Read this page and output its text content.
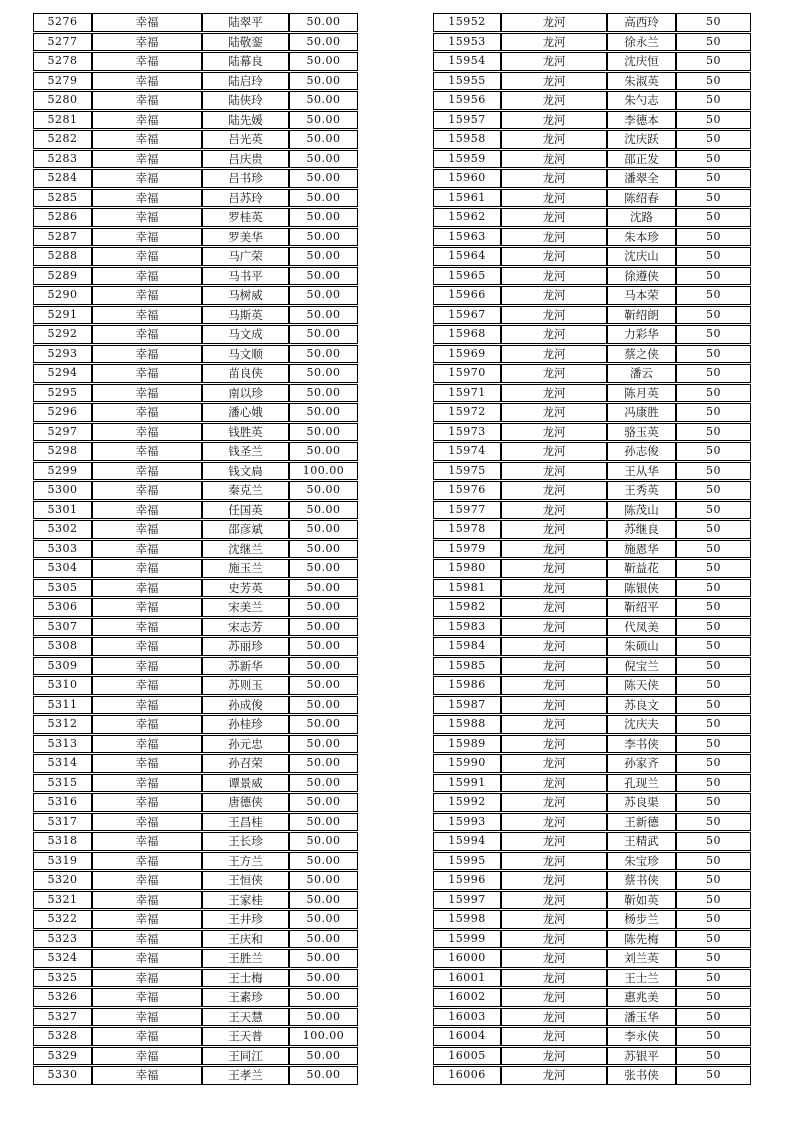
5276	幸福	陆翠平	50.00
5277	幸福	陆敬銮	50.00
5278	幸福	陆幕良	50.00
5279	幸福	陆启玲	50.00
5280	幸福	陆侠玲	50.00
5281	幸福	陆先媛	50.00
5282	幸福	吕光英	50.00
5283	幸福	吕庆贵	50.00
5284	幸福	吕书珍	50.00
5285	幸福	吕苏玲	50.00
5286	幸福	罗桂英	50.00
5287	幸福	罗美华	50.00
5288	幸福	马广荣	50.00
5289	幸福	马书平	50.00
5290	幸福	马树威	50.00
5291	幸福	马斯英	50.00
5292	幸福	马文成	50.00
5293	幸福	马文顺	50.00
5294	幸福	苗良侠	50.00
5295	幸福	南以珍	50.00
5296	幸福	潘心娥	50.00
5297	幸福	钱胜英	50.00
5298	幸福	钱圣兰	50.00
5299	幸福	钱文扃	100.00
5300	幸福	秦克兰	50.00
5301	幸福	任国英	50.00
5302	幸福	邵彦斌	50.00
5303	幸福	沈继兰	50.00
5304	幸福	施玉兰	50.00
5305	幸福	史芳英	50.00
5306	幸福	宋美兰	50.00
5307	幸福	宋志芳	50.00
5308	幸福	苏丽珍	50.00
5309	幸福	苏新华	50.00
5310	幸福	苏则玉	50.00
5311	幸福	孙成俊	50.00
5312	幸福	孙桂珍	50.00
5313	幸福	孙元忠	50.00
5314	幸福	孙召荣	50.00
5315	幸福	谭景威	50.00
5316	幸福	唐德侠	50.00
5317	幸福	王昌桂	50.00
5318	幸福	王长珍	50.00
5319	幸福	王方兰	50.00
5320	幸福	王恒侠	50.00
5321	幸福	王家桂	50.00
5322	幸福	王井珍	50.00
5323	幸福	王庆和	50.00
5324	幸福	王胜兰	50.00
5325	幸福	王士梅	50.00
5326	幸福	王素珍	50.00
5327	幸福	王天慧	50.00
5328	幸福	王天普	100.00
5329	幸福	王同江	50.00
5330	幸福	王孝兰	50.00
15952	龙河	高西玲	50
15953	龙河	徐永兰	50
15954	龙河	沈庆恒	50
15955	龙河	朱淑英	50
15956	龙河	朱勺志	50
15957	龙河	李德本	50
15958	龙河	沈庆跃	50
15959	龙河	邵正发	50
15960	龙河	潘翠全	50
15961	龙河	陈绍春	50
15962	龙河	沈路	50
15963	龙河	朱本珍	50
15964	龙河	沈庆山	50
15965	龙河	徐遵侠	50
15966	龙河	马本荣	50
15967	龙河	靳绍朗	50
15968	龙河	力彩华	50
15969	龙河	蔡之侠	50
15970	龙河	潘云	50
15971	龙河	陈月英	50
15972	龙河	冯康胜	50
15973	龙河	骆玉英	50
15974	龙河	孙志俊	50
15975	龙河	王从华	50
15976	龙河	王秀英	50
15977	龙河	陈茂山	50
15978	龙河	苏继良	50
15979	龙河	施恩华	50
15980	龙河	靳益花	50
15981	龙河	陈银侠	50
15982	龙河	靳绍平	50
15983	龙河	代凤美	50
15984	龙河	朱硕山	50
15985	龙河	倪宝兰	50
15986	龙河	陈天侠	50
15987	龙河	苏良文	50
15988	龙河	沈庆夫	50
15989	龙河	李书侠	50
15990	龙河	孙家齐	50
15991	龙河	孔现兰	50
15992	龙河	苏良渠	50
15993	龙河	王新德	50
15994	龙河	王精武	50
15995	龙河	朱宝珍	50
15996	龙河	蔡书侠	50
15997	龙河	靳如英	50
15998	龙河	杨步兰	50
15999	龙河	陈先梅	50
16000	龙河	刘兰英	50
16001	龙河	王士兰	50
16002	龙河	惠兆美	50
16003	龙河	潘玉华	50
16004	龙河	李永侠	50
16005	龙河	苏银平	50
16006	龙河	张书侠	50
